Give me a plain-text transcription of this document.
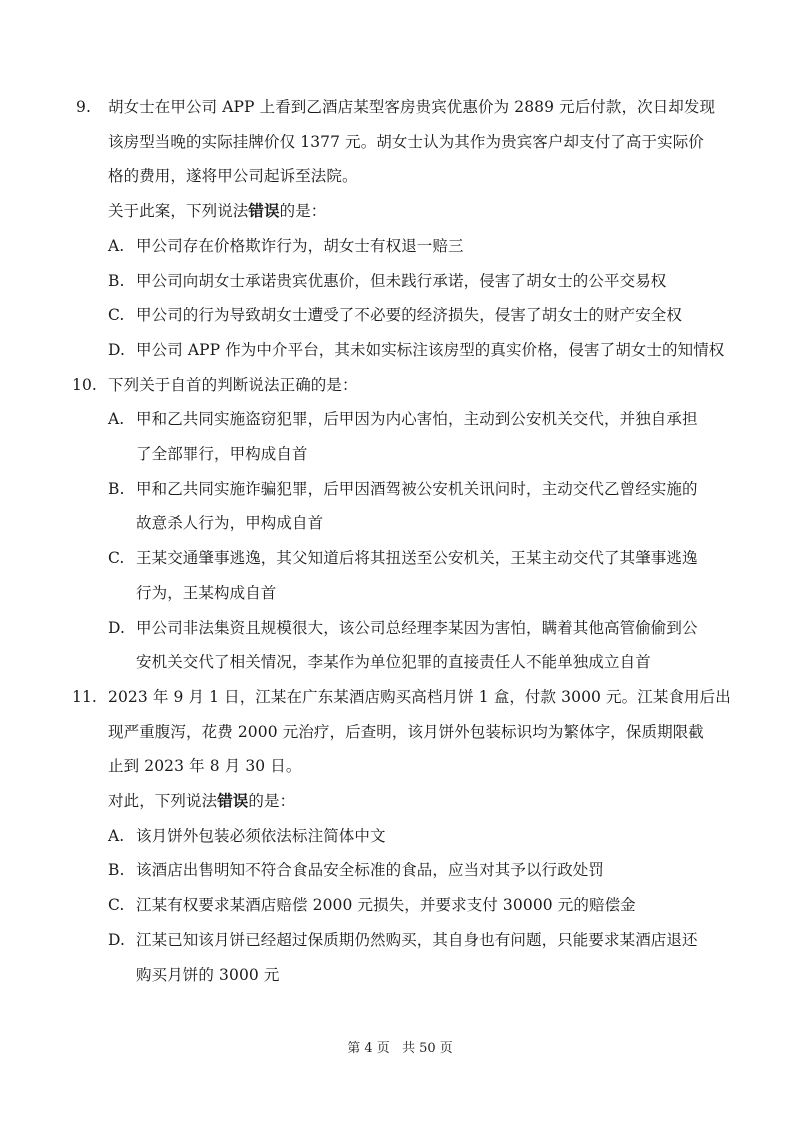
9. 胡女士在甲公司 APP 上看到乙酒店某型客房贵宾优惠价为 2889 元后付款，次日却发现
该房型当晚的实际挂牌价仅 1377 元。胡女士认为其作为贵宾客户却支付了高于实际价
格的费用，遂将甲公司起诉至法院。
关于此案，下列说法错误的是：
A. 甲公司存在价格欺诈行为，胡女士有权退一赔三
B. 甲公司向胡女士承诺贵宾优惠价，但未践行承诺，侵害了胡女士的公平交易权
C. 甲公司的行为导致胡女士遭受了不必要的经济损失，侵害了胡女士的财产安全权
D. 甲公司 APP 作为中介平台，其未如实标注该房型的真实价格，侵害了胡女士的知情权
10. 下列关于自首的判断说法正确的是：
A. 甲和乙共同实施盗窃犯罪，后甲因为内心害怕，主动到公安机关交代，并独自承担
了全部罪行，甲构成自首
B. 甲和乙共同实施诈骗犯罪，后甲因酒驾被公安机关讯问时，主动交代乙曾经实施的
故意杀人行为，甲构成自首
C. 王某交通肇事逃逸，其父知道后将其扭送至公安机关，王某主动交代了其肇事逃逸
行为，王某构成自首
D. 甲公司非法集资且规模很大，该公司总经理李某因为害怕，瞒着其他高管偷偷到公
安机关交代了相关情况，李某作为单位犯罪的直接责任人不能单独成立自首
11. 2023 年 9 月 1 日，江某在广东某酒店购买高档月饼 1 盒，付款 3000 元。江某食用后出
现严重腹泻，花费 2000 元治疗，后查明，该月饼外包装标识均为繁体字，保质期限截
止到 2023 年 8 月 30 日。
对此，下列说法错误的是：
A. 该月饼外包装必须依法标注简体中文
B. 该酒店出售明知不符合食品安全标准的食品，应当对其予以行政处罚
C. 江某有权要求某酒店赔偿 2000 元损失，并要求支付 30000 元的赔偿金
D. 江某已知该月饼已经超过保质期仍然购买，其自身也有问题，只能要求某酒店退还
购买月饼的 3000 元
第 4 页 共 50 页
